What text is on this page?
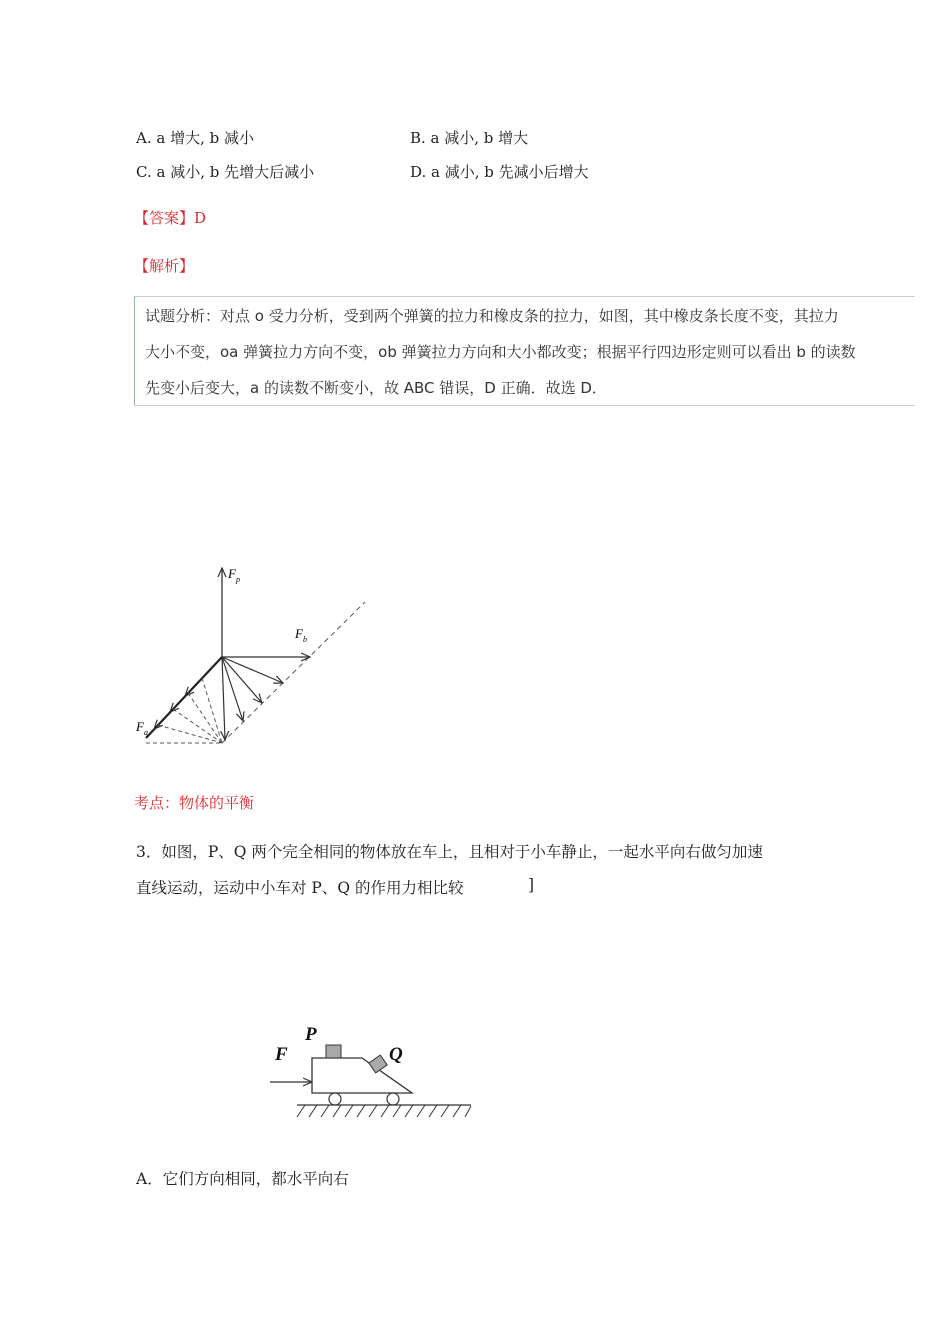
A. a 增大, b 减小	B. a 减小, b 增大
C. a 减小, b 先增大后减小	D. a 减小, b 先减小后增大
【答案】D
【解析】
试题分析：对点 o 受力分析，受到两个弹簧的拉力和橡皮条的拉力，如图，其中橡皮条长度不变，其拉力
大小不变，oa 弹簧拉力方向不变，ob 弹簧拉力方向和大小都改变；根据平行四边形定则可以看出 b 的读数
先变小后变大，a 的读数不断变小，故 ABC 错误，D 正确．故选 D．
$F_p$
$F_b$
$F_a$
考点：物体的平衡
3．如图，P、Q 两个完全相同的物体放在车上，且相对于小车静止，一起水平向右做匀加速
直线运动，运动中小车对 P、Q 的作用力相比较	]
F
P
Q
A．它们方向相同，都水平向右
